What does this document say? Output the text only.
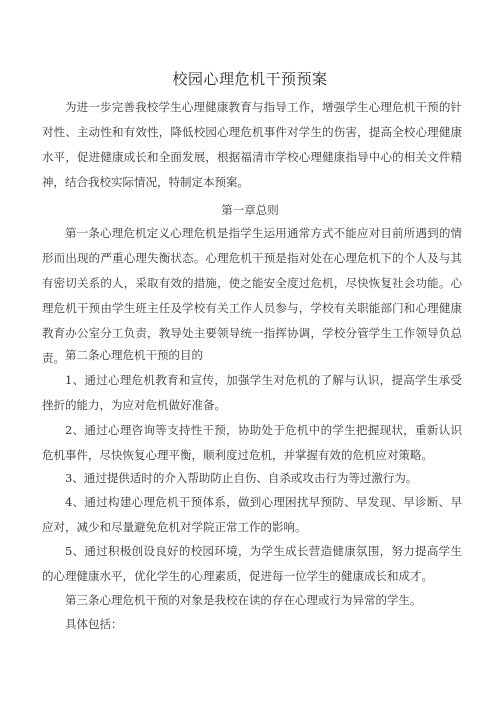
校园心理危机干预预案
为进一步完善我校学生心理健康教育与指导工作，增强学生心理危机干预的针对性、主动性和有效性，降低校园心理危机事件对学生的伤害，提高全校心理健康水平，促进健康成长和全面发展，根据福清市学校心理健康指导中心的相关文件精神，结合我校实际情况，特制定本预案。
第一章总则
第一条心理危机定义心理危机是指学生运用通常方式不能应对目前所遇到的情形而出现的严重心理失衡状态。心理危机干预是指对处在心理危机下的个人及与其有密切关系的人，采取有效的措施，使之能安全度过危机，尽快恢复社会功能。心理危机干预由学生班主任及学校有关工作人员参与，学校有关职能部门和心理健康教育办公室分工负责，教导处主要领导统一指挥协调，学校分管学生工作领导负总责。 第二条心理危机干预的目的
1、通过心理危机教育和宣传，加强学生对危机的了解与认识，提高学生承受挫折的能力，为应对危机做好准备。
2、通过心理咨询等支持性干预，协助处于危机中的学生把握现状，重新认识危机事件，尽快恢复心理平衡，顺利度过危机，并掌握有效的危机应对策略。
3、通过提供适时的介入帮助防止自伤、自杀或攻击行为等过激行为。
4、通过构建心理危机干预体系，做到心理困扰早预防、早发现、早诊断、早应对，减少和尽量避免危机对学院正常工作的影响。
5、通过积极创设良好的校园环境，为学生成长营造健康氛围，努力提高学生的心理健康水平，优化学生的心理素质，促进每一位学生的健康成长和成才。
第三条心理危机干预的对象是我校在读的存在心理或行为异常的学生。
具体包括：
